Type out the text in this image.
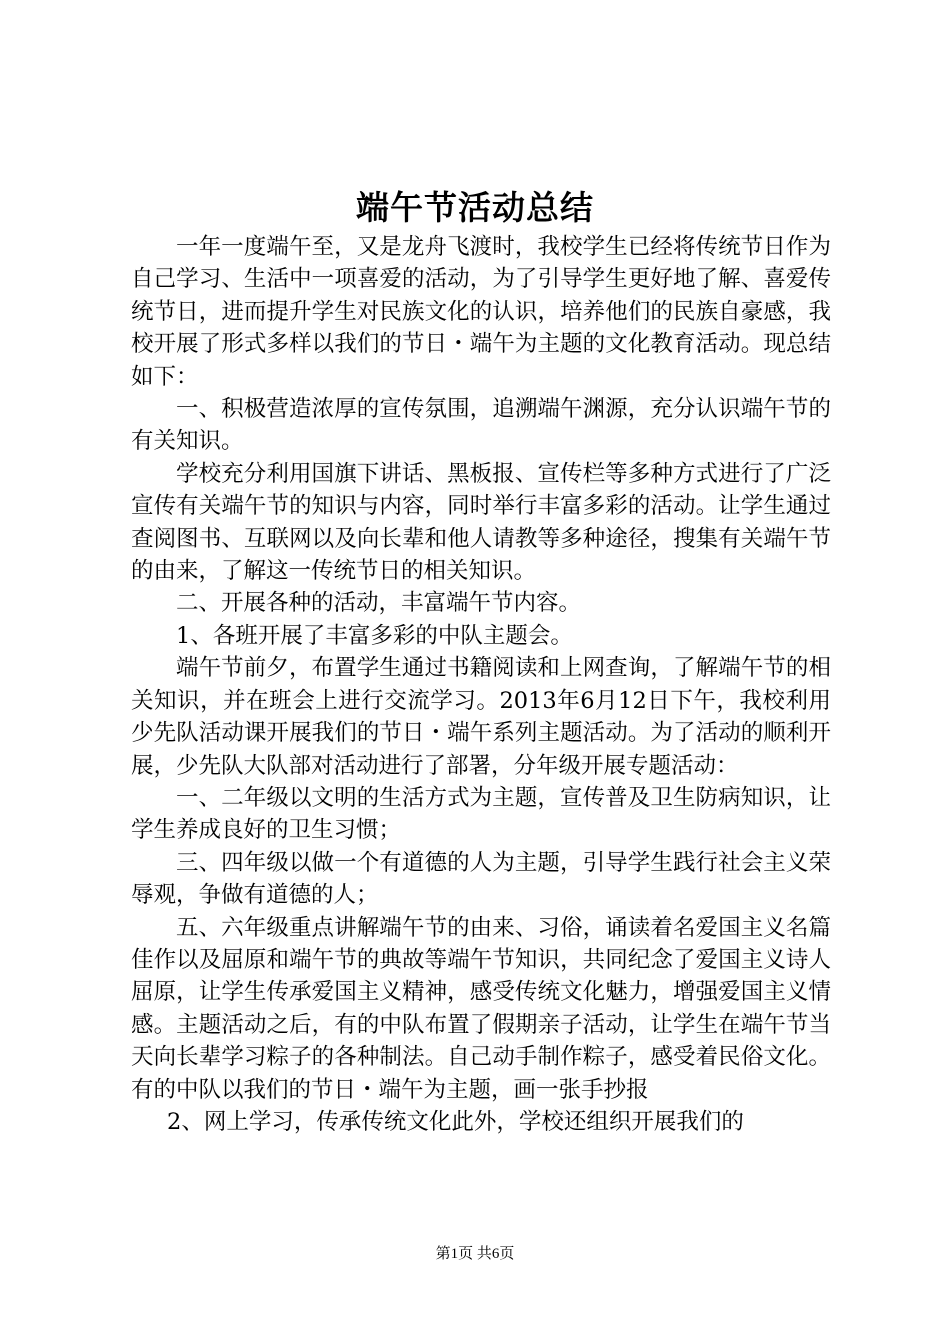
端午节活动总结

一年一度端午至，又是龙舟飞渡时，我校学生已经将传统节日作为自己学习、生活中一项喜爱的活动，为了引导学生更好地了解、喜爱传统节日，进而提升学生对民族文化的认识，培养他们的民族自豪感，我校开展了形式多样以我们的节日・端午为主题的文化教育活动。现总结如下：

一、积极营造浓厚的宣传氛围，追溯端午渊源，充分认识端午节的有关知识。

学校充分利用国旗下讲话、黑板报、宣传栏等多种方式进行了广泛宣传有关端午节的知识与内容，同时举行丰富多彩的活动。让学生通过查阅图书、互联网以及向长辈和他人请教等多种途径，搜集有关端午节的由来，了解这一传统节日的相关知识。

二、开展各种的活动，丰富端午节内容。

1、各班开展了丰富多彩的中队主题会。

端午节前夕，布置学生通过书籍阅读和上网查询，了解端午节的相关知识，并在班会上进行交流学习。2013年6月12日下午，我校利用少先队活动课开展我们的节日・端午系列主题活动。为了活动的顺利开展，少先队大队部对活动进行了部署，分年级开展专题活动：

一、二年级以文明的生活方式为主题，宣传普及卫生防病知识，让学生养成良好的卫生习惯；

三、四年级以做一个有道德的人为主题，引导学生践行社会主义荣辱观，争做有道德的人；

五、六年级重点讲解端午节的由来、习俗，诵读着名爱国主义名篇佳作以及屈原和端午节的典故等端午节知识，共同纪念了爱国主义诗人屈原，让学生传承爱国主义精神，感受传统文化魅力，增强爱国主义情感。主题活动之后，有的中队布置了假期亲子活动，让学生在端午节当天向长辈学习粽子的各种制法。自己动手制作粽子，感受着民俗文化。有的中队以我们的节日・端午为主题，画一张手抄报

2、网上学习，传承传统文化此外，学校还组织开展我们的

第1页 共6页
